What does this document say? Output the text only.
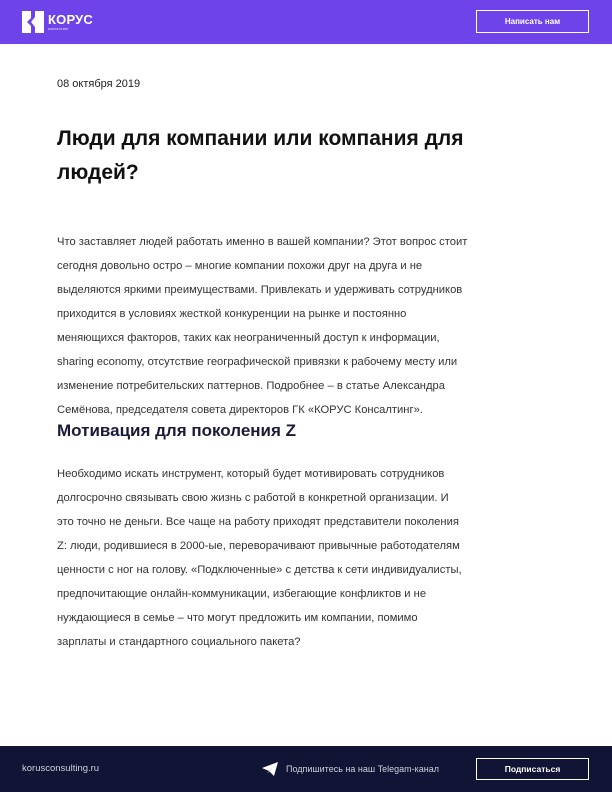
КОРУС
консалтинг
Написать нам
08 октября 2019
Люди для компании или компания для
людей?
Что заставляет людей работать именно в вашей компании? Этот вопрос стоит
сегодня довольно остро – многие компании похожи друг на друга и не
выделяются яркими преимуществами. Привлекать и удерживать сотрудников
приходится в условиях жесткой конкуренции на рынке и постоянно
меняющихся факторов, таких как неограниченный доступ к информации,
sharing economy, отсутствие географической привязки к рабочему месту или
изменение потребительских паттернов. Подробнее – в статье Александра
Семёнова, председателя совета директоров ГК «КОРУС Консалтинг».
Мотивация для поколения Z
Необходимо искать инструмент, который будет мотивировать сотрудников
долгосрочно связывать свою жизнь с работой в конкретной организации. И
это точно не деньги. Все чаще на работу приходят представители поколения
Z: люди, родившиеся в 2000-ые, переворачивают привычные работодателям
ценности с ног на голову. «Подключенные» с детства к сети индивидуалисты,
предпочитающие онлайн-коммуникации, избегающие конфликтов и не
нуждающиеся в семье – что могут предложить им компании, помимо
зарплаты и стандартного социального пакета?
korusconsulting.ru	Подпишитесь на наш Telegam-канал	Подписаться
